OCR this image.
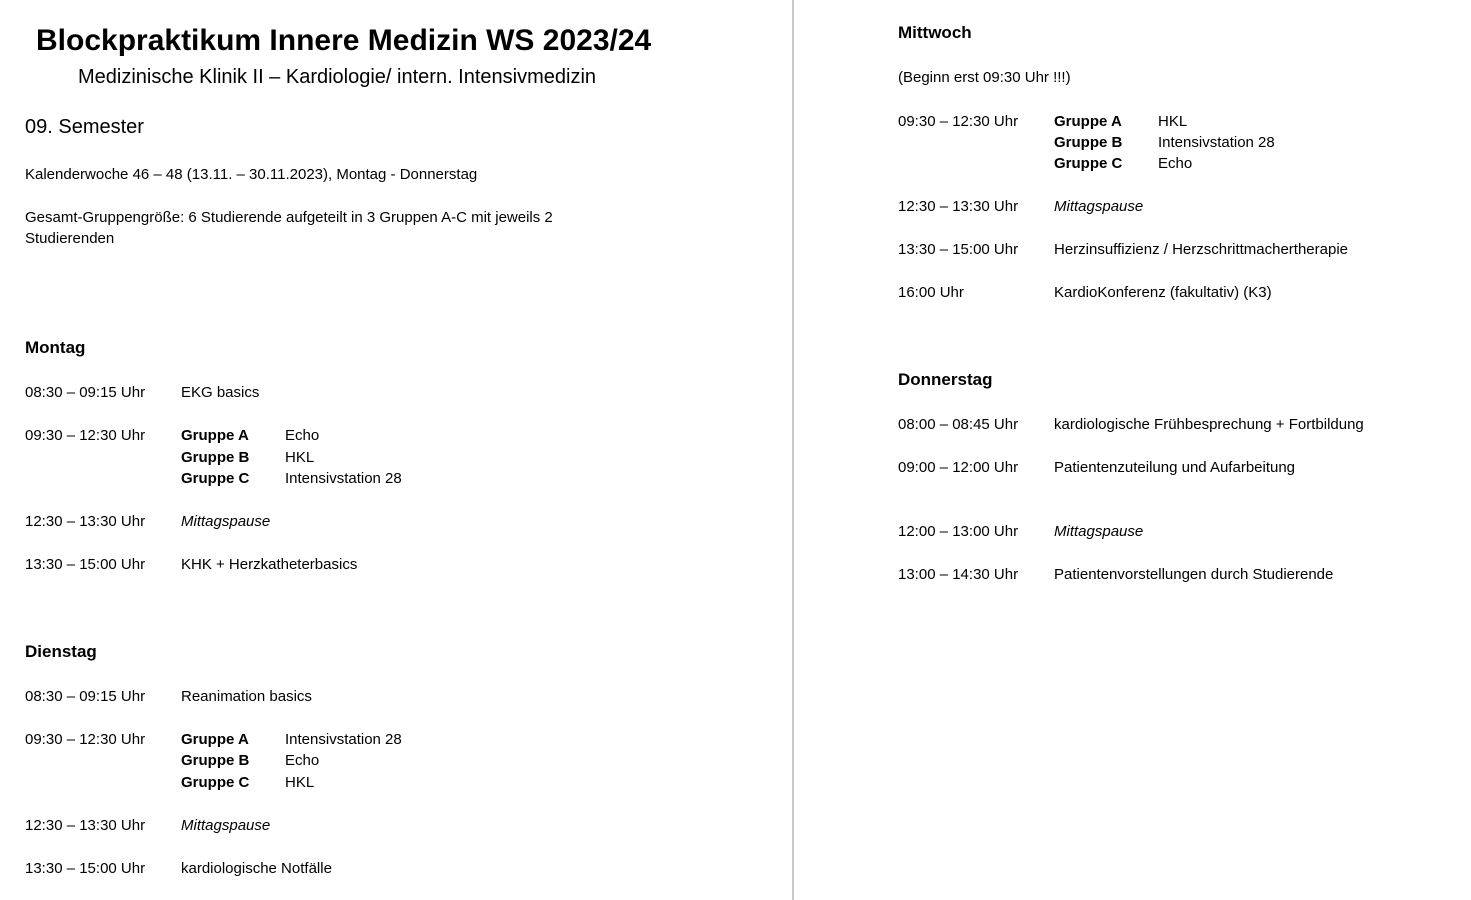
Blockpraktikum Innere Medizin WS 2023/24
Medizinische Klinik II – Kardiologie/ intern. Intensivmedizin
09. Semester
Kalenderwoche 46 – 48 (13.11. – 30.11.2023), Montag - Donnerstag
Gesamt-Gruppengröße: 6 Studierende aufgeteilt in 3 Gruppen A-C mit jeweils 2
Studierenden
Montag
08:30 – 09:15 Uhr EKG basics
09:30 – 12:30 Uhr Gruppe A Echo
Gruppe B HKL
Gruppe C Intensivstation 28
12:30 – 13:30 Uhr Mittagspause
13:30 – 15:00 Uhr KHK + Herzkatheterbasics
Dienstag
08:30 – 09:15 Uhr Reanimation basics
09:30 – 12:30 Uhr Gruppe A Intensivstation 28
Gruppe B Echo
Gruppe C HKL
12:30 – 13:30 Uhr Mittagspause
13:30 – 15:00 Uhr kardiologische Notfälle
Mittwoch
(Beginn erst 09:30 Uhr !!!)
09:30 – 12:30 Uhr Gruppe A HKL
Gruppe B Intensivstation 28
Gruppe C Echo
12:30 – 13:30 Uhr Mittagspause
13:30 – 15:00 Uhr Herzinsuffizienz / Herzschrittmachertherapie
16:00 Uhr	KardioKonferenz (fakultativ) (K3)
Donnerstag
08:00 – 08:45 Uhr kardiologische Frühbesprechung + Fortbildung
09:00 – 12:00 Uhr Patientenzuteilung und Aufarbeitung
12:00 – 13:00 Uhr Mittagspause
13:00 – 14:30 Uhr Patientenvorstellungen durch Studierende
